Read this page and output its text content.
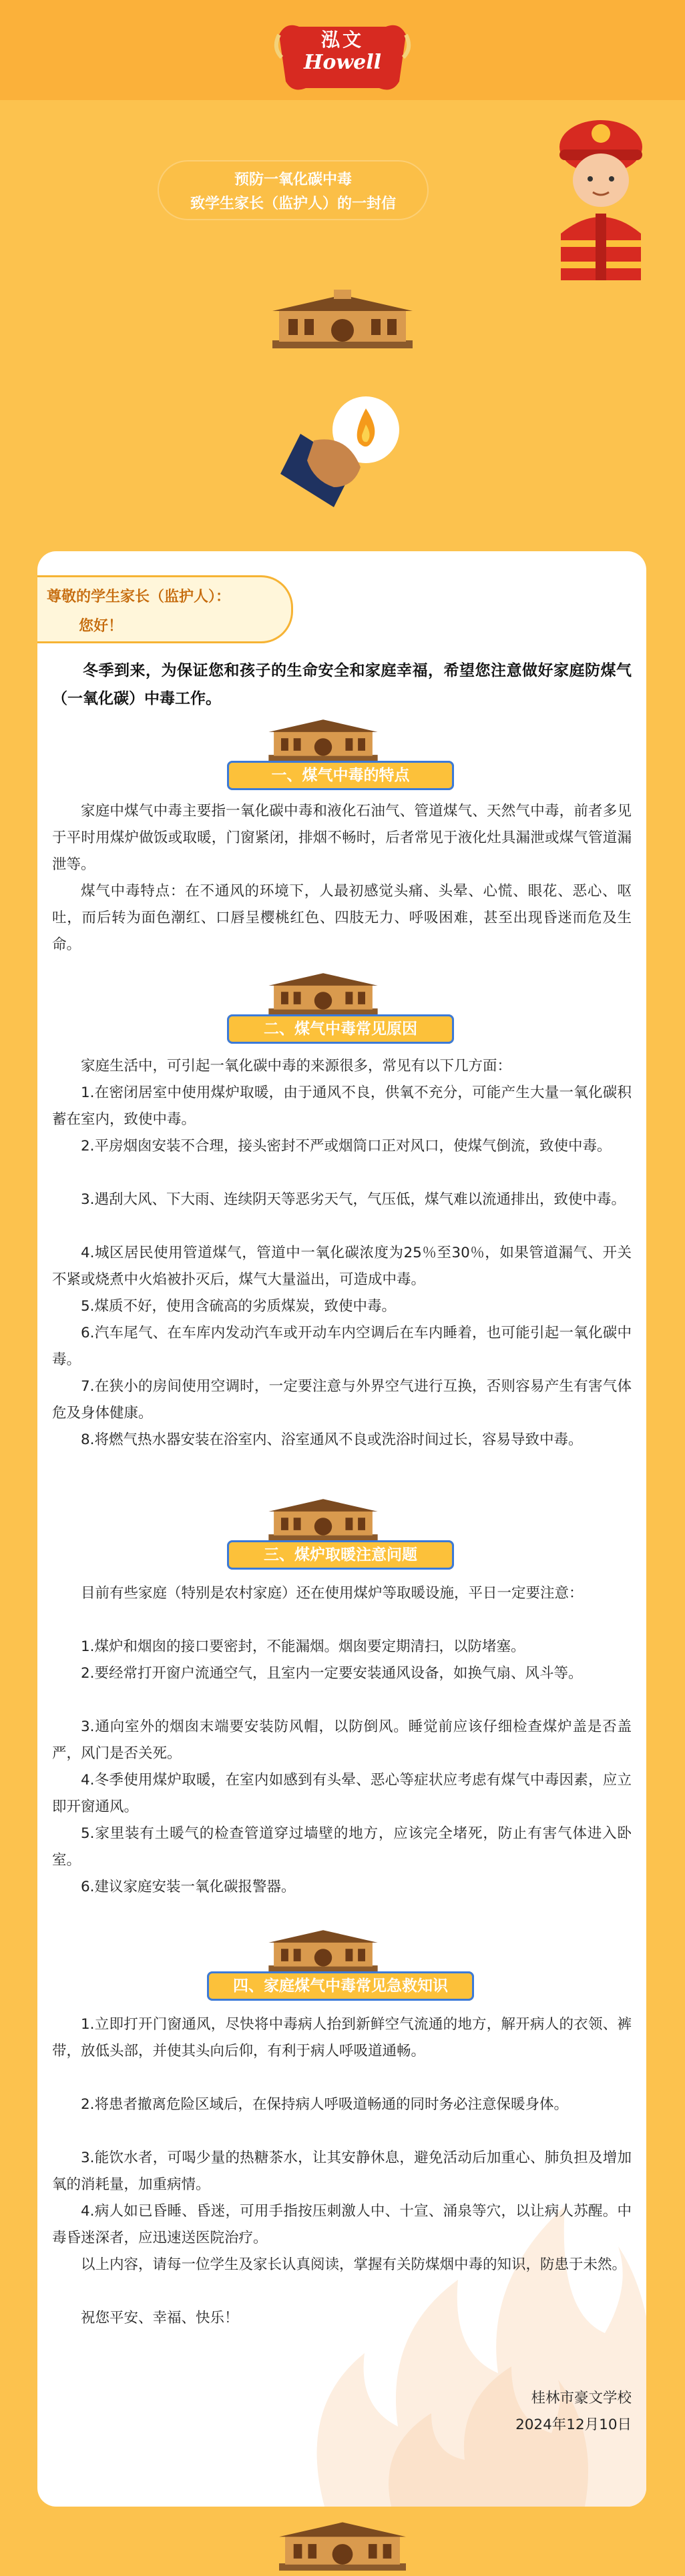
泓文
Howell
预防一氧化碳中毒
致学生家长（监护人）的一封信
尊敬的学生家长（监护人）：
您好！

冬季到来，为保证您和孩子的生命安全和家庭幸福，希望您注意做好家庭防煤气（一氧化碳）中毒工作。

一、煤气中毒的特点

家庭中煤气中毒主要指一氧化碳中毒和液化石油气、管道煤气、天然气中毒，前者多见于平时用煤炉做饭或取暖，门窗紧闭，排烟不畅时，后者常见于液化灶具漏泄或煤气管道漏泄等。

煤气中毒特点：在不通风的环境下，人最初感觉头痛、头晕、心慌、眼花、恶心、呕吐，而后转为面色潮红、口唇呈樱桃红色、四肢无力、呼吸困难，甚至出现昏迷而危及生命。

二、煤气中毒常见原因

家庭生活中，可引起一氧化碳中毒的来源很多，常见有以下几方面：

1.在密闭居室中使用煤炉取暖，由于通风不良，供氧不充分，可能产生大量一氧化碳积蓄在室内，致使中毒。

2.平房烟囱安装不合理，接头密封不严或烟筒口正对风口，使煤气倒流，致使中毒。

3.遇刮大风、下大雨、连续阴天等恶劣天气，气压低，煤气难以流通排出，致使中毒。

4.城区居民使用管道煤气，管道中一氧化碳浓度为25％至30％，如果管道漏气、开关不紧或烧煮中火焰被扑灭后，煤气大量溢出，可造成中毒。

5.煤质不好，使用含硫高的劣质煤炭，致使中毒。

6.汽车尾气、在车库内发动汽车或开动车内空调后在车内睡着，也可能引起一氧化碳中毒。

7.在狭小的房间使用空调时，一定要注意与外界空气进行互换，否则容易产生有害气体危及身体健康。

8.将燃气热水器安装在浴室内、浴室通风不良或洗浴时间过长，容易导致中毒。

三、煤炉取暖注意问题

目前有些家庭（特别是农村家庭）还在使用煤炉等取暖设施，平日一定要注意：

1.煤炉和烟囱的接口要密封，不能漏烟。烟囱要定期清扫，以防堵塞。

2.要经常打开窗户流通空气，且室内一定要安装通风设备，如换气扇、风斗等。

3.通向室外的烟囱末端要安装防风帽，以防倒风。睡觉前应该仔细检查煤炉盖是否盖严，风门是否关死。

4.冬季使用煤炉取暖，在室内如感到有头晕、恶心等症状应考虑有煤气中毒因素，应立即开窗通风。

5.家里装有土暖气的检查管道穿过墙壁的地方，应该完全堵死，防止有害气体进入卧室。

6.建议家庭安装一氧化碳报警器。

四、家庭煤气中毒常见急救知识

1.立即打开门窗通风，尽快将中毒病人抬到新鲜空气流通的地方，解开病人的衣领、裤带，放低头部，并使其头向后仰，有利于病人呼吸道通畅。

2.将患者撤离危险区域后，在保持病人呼吸道畅通的同时务必注意保暖身体。

3.能饮水者，可喝少量的热糖茶水，让其安静休息，避免活动后加重心、肺负担及增加氧的消耗量，加重病情。

4.病人如已昏睡、昏迷，可用手指按压刺激人中、十宣、涌泉等穴，以让病人苏醒。中毒昏迷深者，应迅速送医院治疗。

以上内容，请每一位学生及家长认真阅读，掌握有关防煤烟中毒的知识，防患于未然。

祝您平安、幸福、快乐！

桂林市豪文学校

2024年12月10日
